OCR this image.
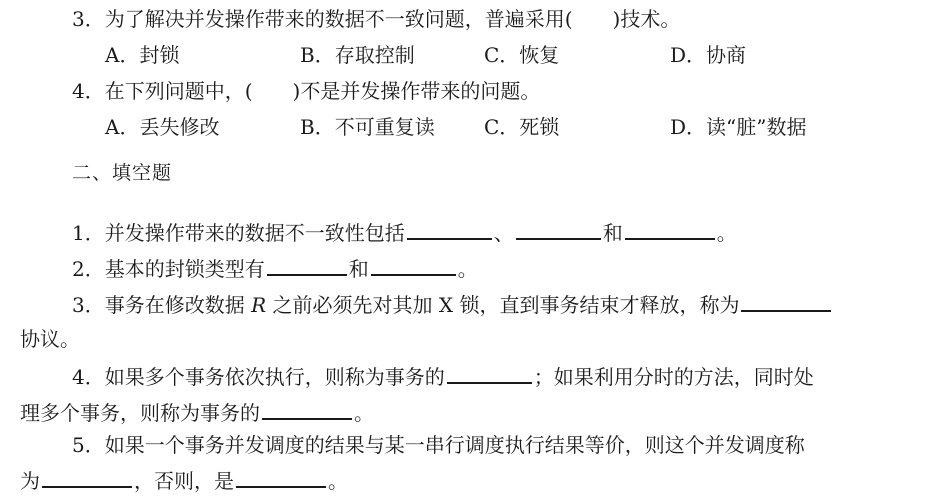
3．为了解决并发操作带来的数据不一致问题，普遍采用(　　)技术。
A．封锁	B．存取控制	C．恢复	D．协商
4．在下列问题中，(　　)不是并发操作带来的问题。
A．丢失修改	B．不可重复读 C．死锁	D．读“脏”数据
二、填空题
1．并发操作带来的数据不一致性包括	、	和	。
2．基本的封锁类型有	和	。
3．事务在修改数据 R 之前必须先对其加 X 锁，直到事务结束才释放，称为
协议。
4．如果多个事务依次执行，则称为事务的	；如果利用分时的方法，同时处
理多个事务，则称为事务的	。
5．如果一个事务并发调度的结果与某一串行调度执行结果等价，则这个并发调度称
为	，否则，是	。
